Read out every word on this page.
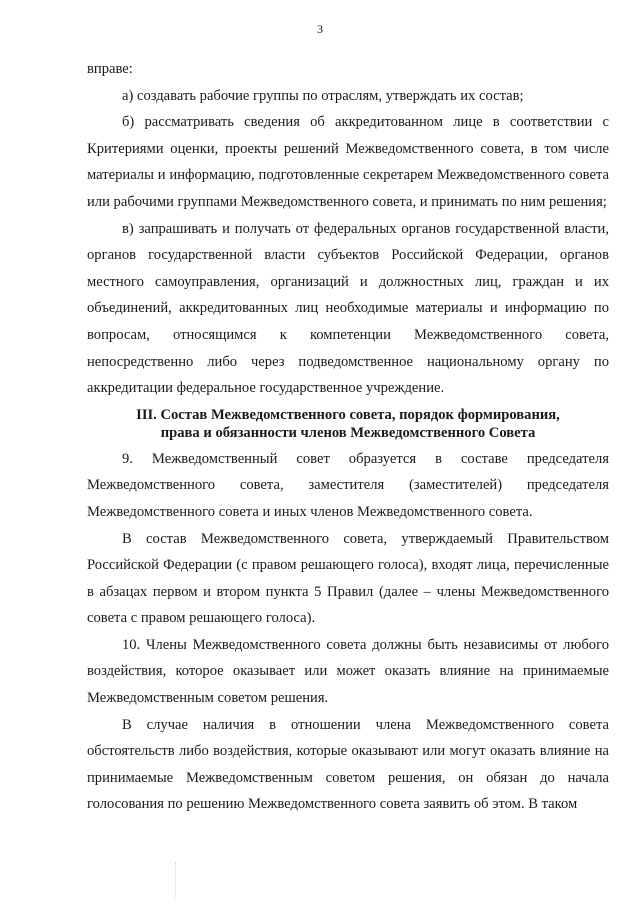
3

вправе:

а) создавать рабочие группы по отраслям, утверждать их состав;

б) рассматривать сведения об аккредитованном лице в соответствии с Критериями оценки, проекты решений Межведомственного совета, в том числе материалы и информацию, подготовленные секретарем Межведомственного совета или рабочими группами Межведомственного совета, и принимать по ним решения;

в) запрашивать и получать от федеральных органов государственной власти, органов государственной власти субъектов Российской Федерации, органов местного самоуправления, организаций и должностных лиц, граждан и их объединений, аккредитованных лиц необходимые материалы и информацию по вопросам, относящимся к компетенции Межведомственного совета, непосредственно либо через подведомственное национальному органу по аккредитации федеральное государственное учреждение.

III. Состав Межведомственного совета, порядок формирования,
права и обязанности членов Межведомственного Совета

9. Межведомственный совет образуется в составе председателя Межведомственного совета, заместителя (заместителей) председателя Межведомственного совета и иных членов Межведомственного совета.

В состав Межведомственного совета, утверждаемый Правительством Российской Федерации (с правом решающего голоса), входят лица, перечисленные в абзацах первом и втором пункта 5 Правил (далее – члены Межведомственного совета с правом решающего голоса).

10. Члены Межведомственного совета должны быть независимы от любого воздействия, которое оказывает или может оказать влияние на принимаемые Межведомственным советом решения.

В случае наличия в отношении члена Межведомственного совета обстоятельств либо воздействия, которые оказывают или могут оказать влияние на принимаемые Межведомственным советом решения, он обязан до начала голосования по решению Межведомственного совета заявить об этом. В таком
